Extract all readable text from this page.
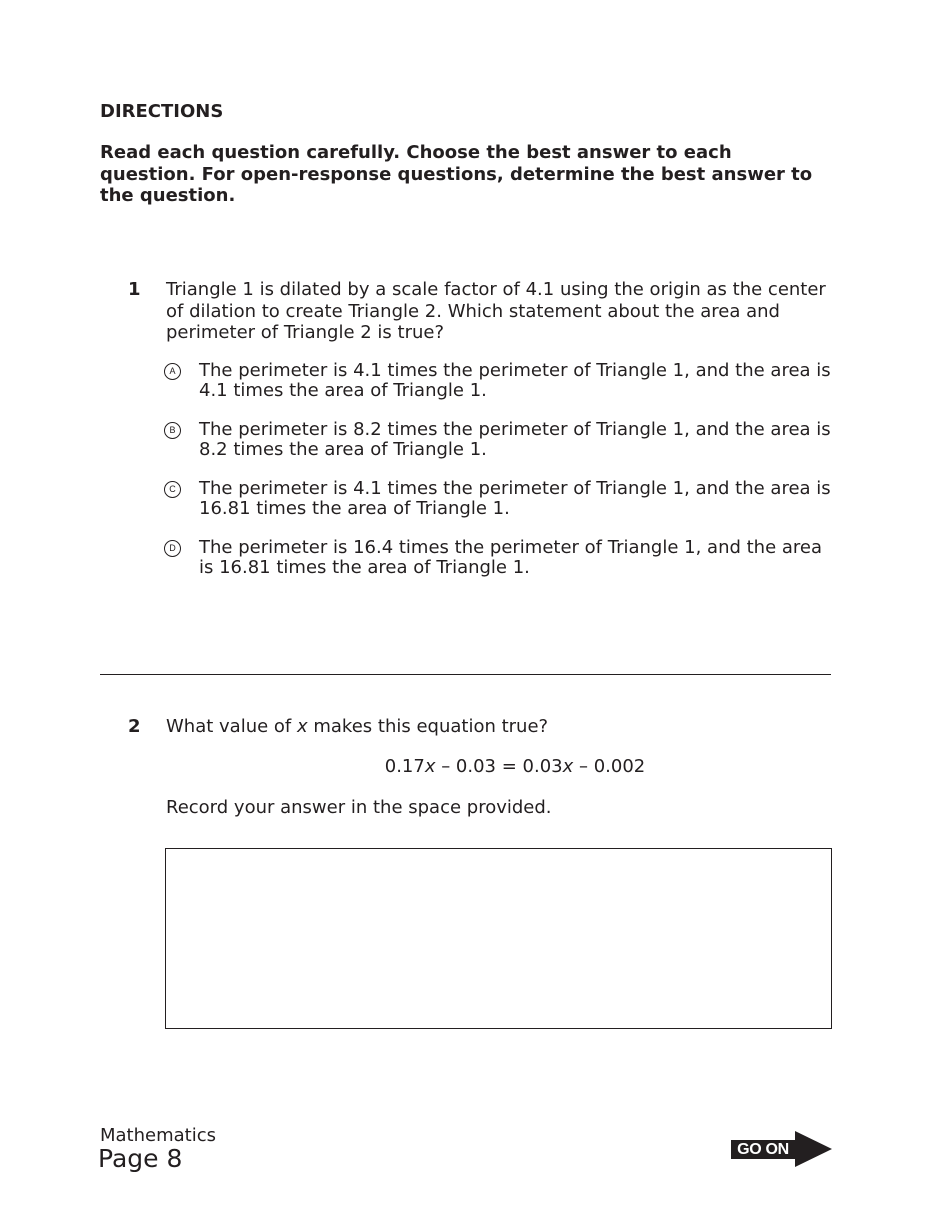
DIRECTIONS

Read each question carefully. Choose the best answer to each question. For open-response questions, determine the best answer to the question.

1 Triangle 1 is dilated by a scale factor of 4.1 using the origin as the center of dilation to create Triangle 2. Which statement about the area and perimeter of Triangle 2 is true?

A	The perimeter is 4.1 times the perimeter of Triangle 1, and the area is 4.1 times the area of Triangle 1.
B	The perimeter is 8.2 times the perimeter of Triangle 1, and the area is 8.2 times the area of Triangle 1.
C The perimeter is 4.1 times the perimeter of Triangle 1, and the area is 16.81 times the area of Triangle 1.
D The perimeter is 16.4 times the perimeter of Triangle 1, and the area is 16.81 times the area of Triangle 1.
2 What value of x makes this equation true?

0.17x – 0.03 = 0.03x – 0.002
Record your answer in the space provided.
Mathematics
Page 8	GO ON
